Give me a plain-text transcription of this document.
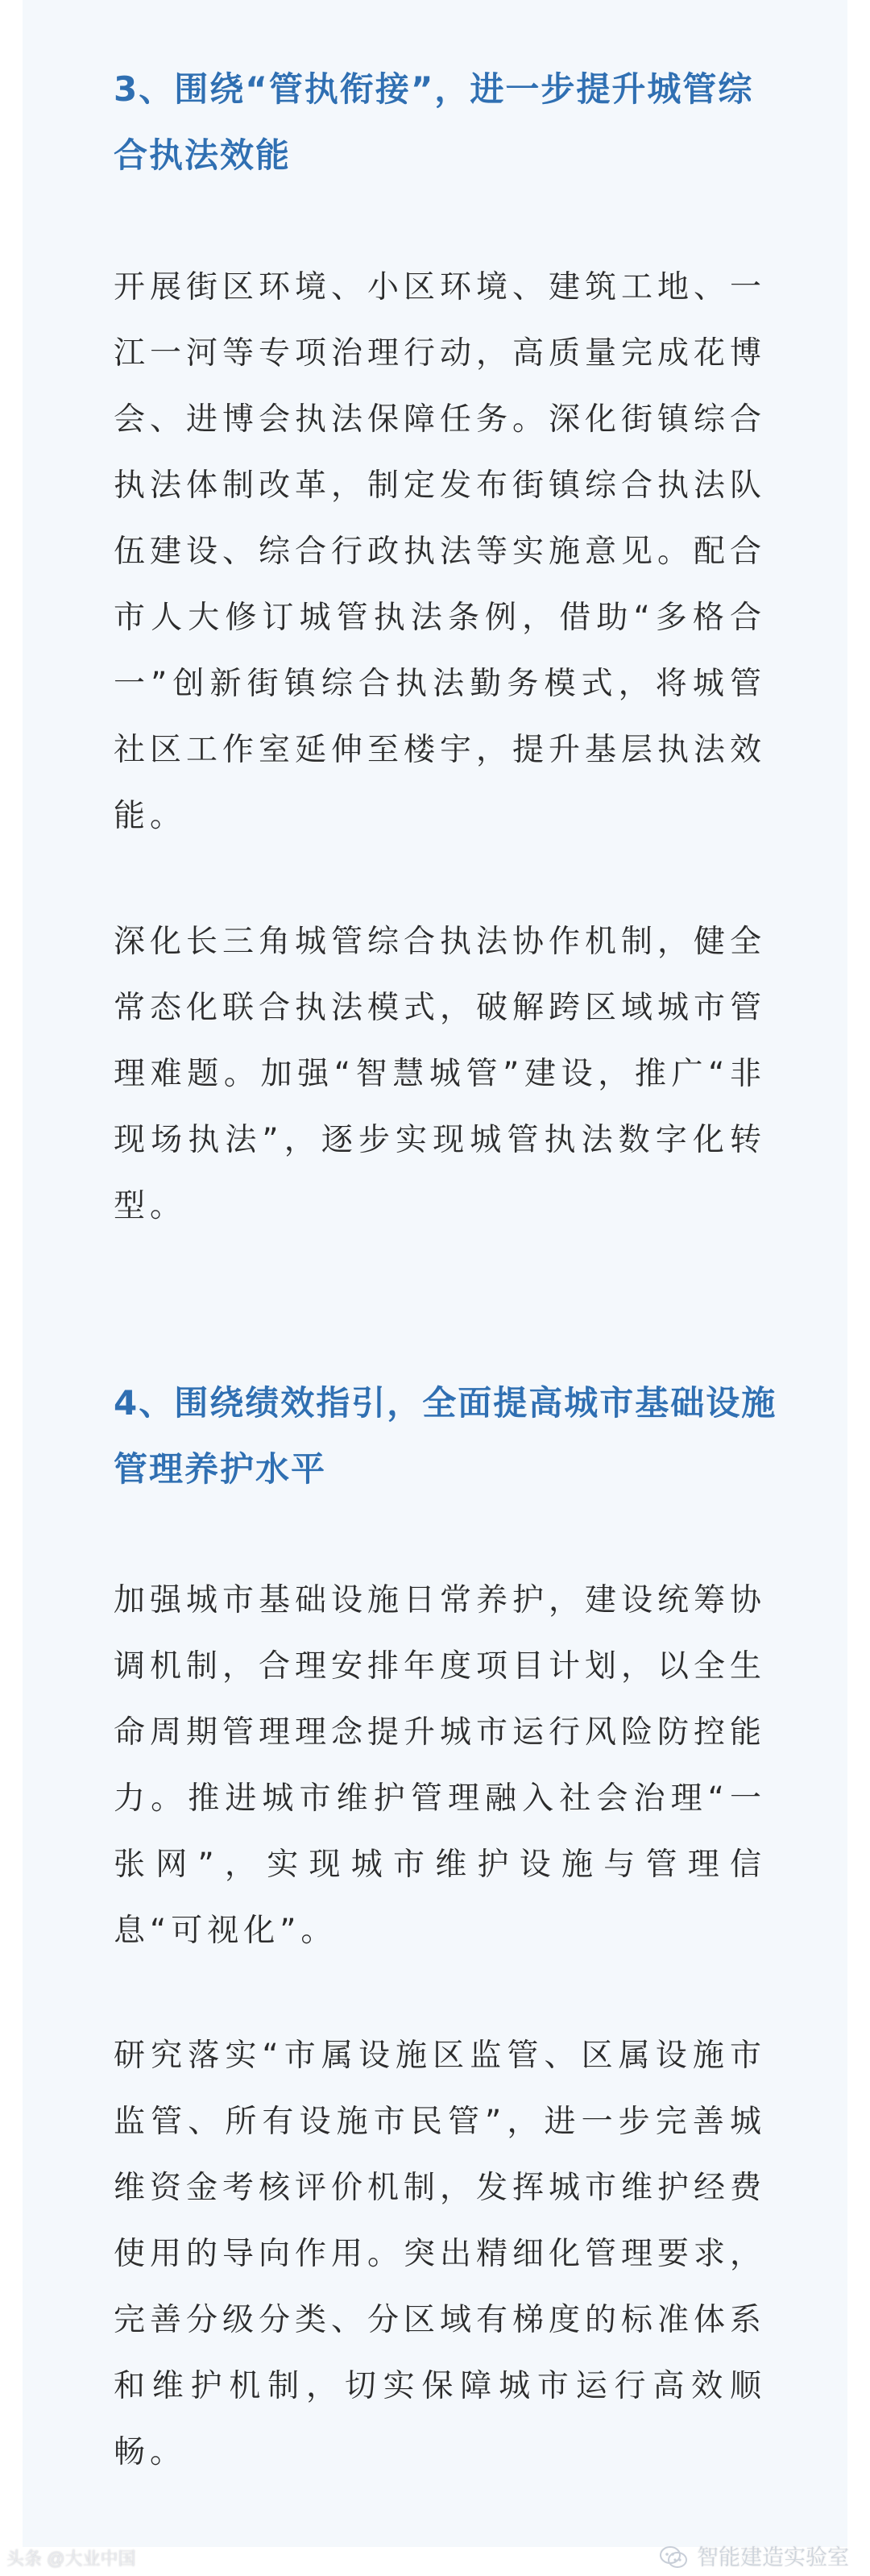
3、围绕“管执衔接”，进一步提升城管综合执法效能

开展街区环境、小区环境、建筑工地、一江一河等专项治理行动，高质量完成花博会、进博会执法保障任务。深化街镇综合执法体制改革，制定发布街镇综合执法队伍建设、综合行政执法等实施意见。配合市人大修订城管执法条例，借助“多格合一”创新街镇综合执法勤务模式，将城管社区工作室延伸至楼宇，提升基层执法效能。

深化长三角城管综合执法协作机制，健全常态化联合执法模式，破解跨区域城市管理难题。加强“智慧城管”建设，推广“非现场执法”，逐步实现城管执法数字化转型。

4、围绕绩效指引，全面提高城市基础设施管理养护水平

加强城市基础设施日常养护，建设统筹协调机制，合理安排年度项目计划，以全生命周期管理理念提升城市运行风险防控能力。推进城市维护管理融入社会治理“一张网”，实现城市维护设施与管理信息“可视化”。

研究落实“市属设施区监管、区属设施市监管、所有设施市民管”，进一步完善城维资金考核评价机制，发挥城市维护经费使用的导向作用。突出精细化管理要求，完善分级分类、分区域有梯度的标准体系和维护机制，切实保障城市运行高效顺畅。

头条 @大业中国	智能建造实验室
